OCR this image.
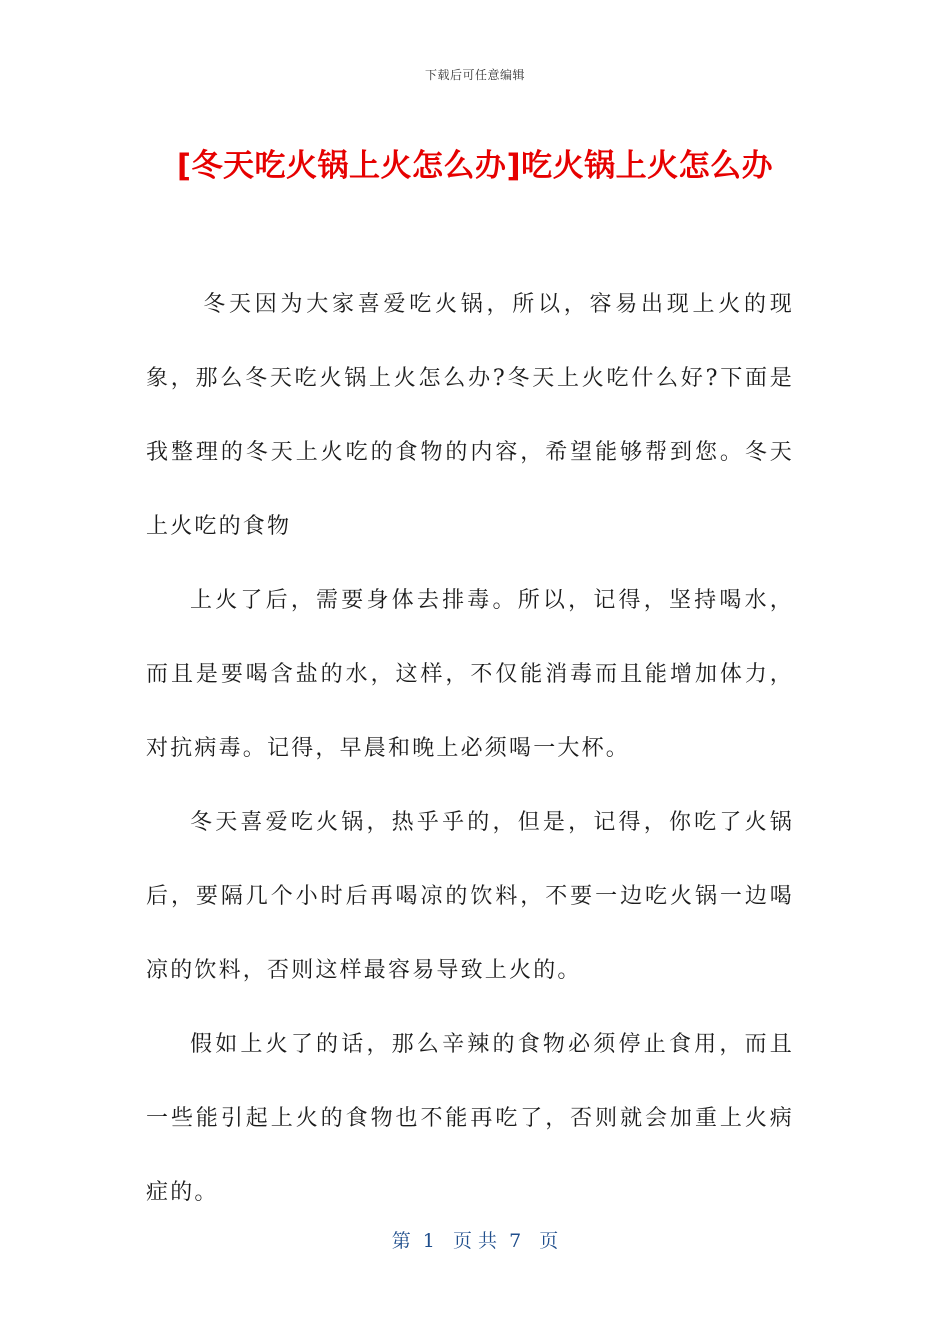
下载后可任意编辑
[冬天吃火锅上火怎么办]吃火锅上火怎么办

冬天因为大家喜爱吃火锅，所以，容易出现上火的现象，那么冬天吃火锅上火怎么办?冬天上火吃什么好?下面是我整理的冬天上火吃的食物的内容，希望能够帮到您。冬天上火吃的食物

上火了后，需要身体去排毒。所以，记得，坚持喝水，而且是要喝含盐的水，这样，不仅能消毒而且能增加体力，对抗病毒。记得，早晨和晚上必须喝一大杯。

冬天喜爱吃火锅，热乎乎的，但是，记得，你吃了火锅后，要隔几个小时后再喝凉的饮料，不要一边吃火锅一边喝凉的饮料，否则这样最容易导致上火的。

假如上火了的话，那么辛辣的食物必须停止食用，而且一些能引起上火的食物也不能再吃了，否则就会加重上火病症的。

第  1   页 共  7   页
